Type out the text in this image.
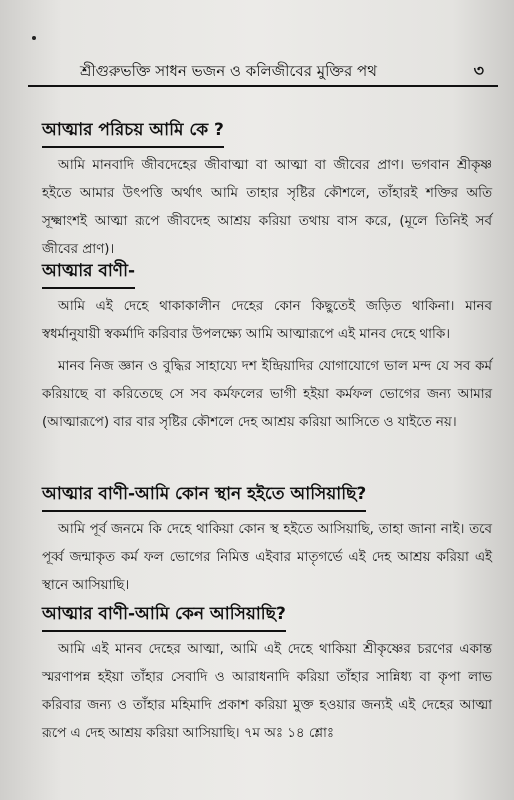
শ্রীগুরুভক্তি সাধন ভজন ও কলিজীবের মুক্তির পথ	৩
আত্মার পরিচয় আমি কে ?

আমি মানবাদি জীবদেহের জীবাত্মা বা আত্মা বা জীবের প্রাণ। ভগবান শ্রীকৃষ্ণ হইতে আমার উৎপত্তি অর্থাৎ আমি তাহার সৃষ্টির কৌশলে, তাঁহারই শক্তির অতি সূক্ষ্মাংশই আত্মা রূপে জীবদেহ আশ্রয় করিয়া তথায় বাস করে, (মূলে তিনিই সর্ব জীবের প্রাণ)।

আত্মার বাণী-

আমি এই দেহে থাকাকালীন দেহের কোন কিছুতেই জড়িত থাকিনা। মানব স্বধর্মানুযায়ী স্বকর্মাদি করিবার উপলক্ষ্যে আমি আত্মারূপে এই মানব দেহে থাকি।

মানব নিজ জ্ঞান ও বুদ্ধির সাহায্যে দশ ইন্দ্রিয়াদির যোগাযোগে ভাল মন্দ যে সব কর্ম করিয়াছে বা করিতেছে সে সব কর্মফলের ভাগী হইয়া কর্মফল ভোগের জন্য আমার (আত্মারূপে) বার বার সৃষ্টির কৌশলে দেহ আশ্রয় করিয়া আসিতে ও যাইতে নয়।

আত্মার বাণী-আমি কোন স্থান হইতে আসিয়াছি?

আমি পূর্ব জনমে কি দেহে থাকিয়া কোন স্থ হইতে আসিয়াছি, তাহা জানা নাই। তবে পূর্ব্ব জন্মাকৃত কর্ম ফল ভোগের নিমিত্ত এইবার মাতৃগর্ভে এই দেহ আশ্রয় করিয়া এই স্থানে আসিয়াছি।

আত্মার বাণী-আমি কেন আসিয়াছি?

আমি এই মানব দেহের আত্মা, আমি এই দেহে থাকিয়া শ্রীকৃষ্ণের চরণের একান্ত স্মরণাপন্ন হইয়া তাঁহার সেবাদি ও আরাধনাদি করিয়া তাঁহার সান্নিধ্য বা কৃপা লাভ করিবার জন্য ও তাঁহার মহিমাদি প্রকাশ করিয়া মুক্ত হওয়ার জন্যই এই দেহের আত্মা রূপে এ দেহ আশ্রয় করিয়া আসিয়াছি। ৭ম অঃ ১৪ শ্লোঃ
